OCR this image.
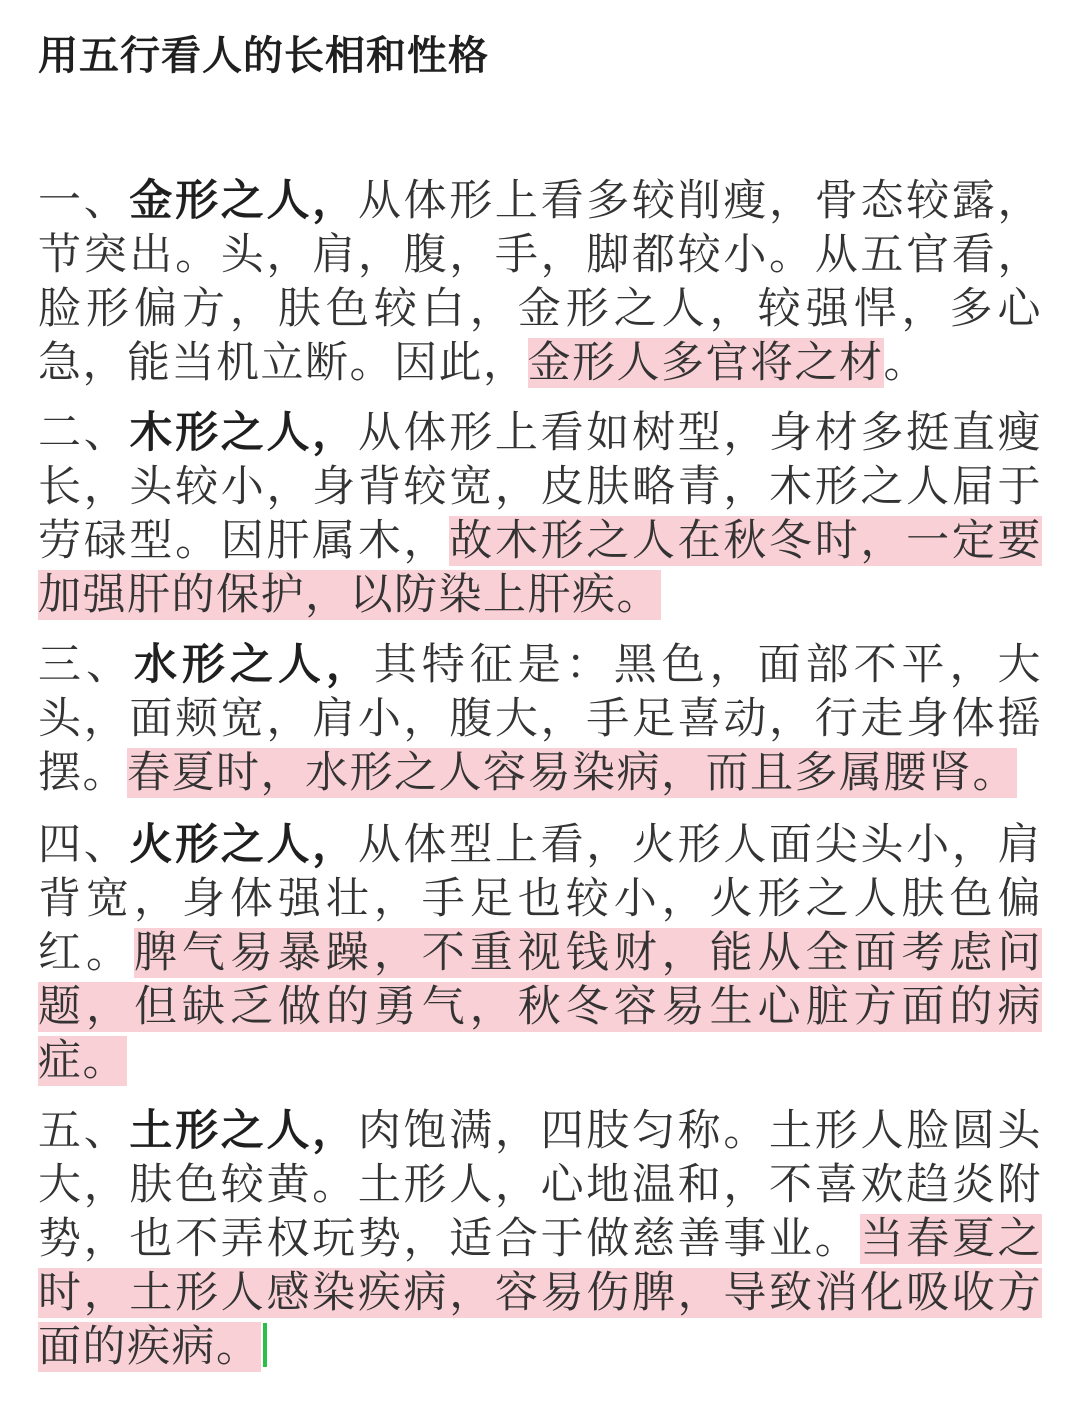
用五行看人的长相和性格

一、金形之人，从体形上看多较削瘦，骨态较露，节突出。头，肩，腹，手，脚都较小。从五官看，脸形偏方，肤色较白，金形之人，较强悍，多心急，能当机立断。因此，金形人多官将之材。

二、木形之人，从体形上看如树型，身材多挺直瘦长，头较小，身背较宽，皮肤略青，木形之人屇于劳碌型。因肝属木，故木形之人在秋冬时，一定要加强肝的保护，以防染上肝疾。

三、水形之人，其特征是：黑色，面部不平，大头，面颊宽，肩小，腹大，手足喜动，行走身体摇摆。春夏时，水形之人容易染病，而且多属腰肾。

四、火形之人，从体型上看，火形人面尖头小，肩背宽，身体强壮，手足也较小，火形之人肤色偏红。脾气易暴躁，不重视钱财，能从全面考虑问题，但缺乏做的勇气，秋冬容易生心脏方面的病症。

五、土形之人，肉饱满，四肢匀称。土形人脸圆头大，肤色较黄。土形人，心地温和，不喜欢趋炎附势，也不弄权玩势，适合于做慈善事业。当春夏之时，土形人感染疾病，容易伤脾，导致消化吸收方面的疾病。
